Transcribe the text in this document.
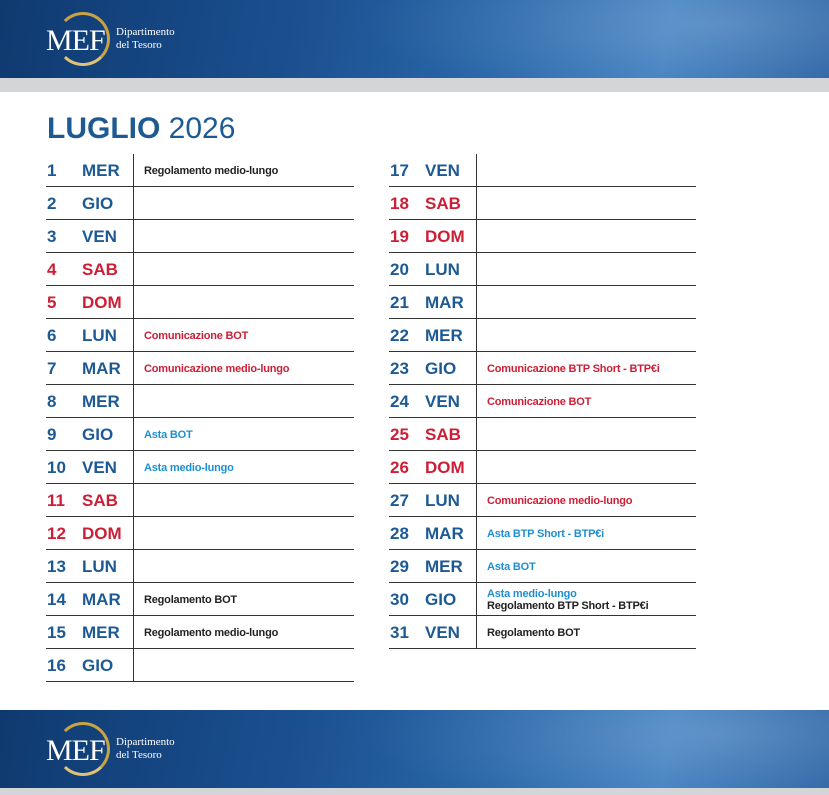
MEF Dipartimento
del Tesoro
LUGLIO 2026
1 MER Regolamento medio-lungo
2 GIO
3 VEN
4 SAB
5 DOM
6 LUN Comunicazione BOT
7 MAR Comunicazione medio-lungo
8 MER
9 GIO	Asta BOT
10 VEN Asta medio-lungo
11 SAB
12 DOM
13 LUN
14 MAR Regolamento BOT
15 MER Regolamento medio-lungo
16 GIO
17 VEN
18 SAB
19 DOM
20 LUN
21 MAR
22 MER
23 GIO	Comunicazione BTP Short - BTP€i
24 VEN Comunicazione BOT
25 SAB
26 DOM
27 LUN Comunicazione medio-lungo
28 MAR Asta BTP Short - BTP€i
29 MER Asta BOT
30 GIO	Asta medio-lungo
Regolamento BTP Short - BTP€i
31 VEN Regolamento BOT
MEF Dipartimento
del Tesoro
